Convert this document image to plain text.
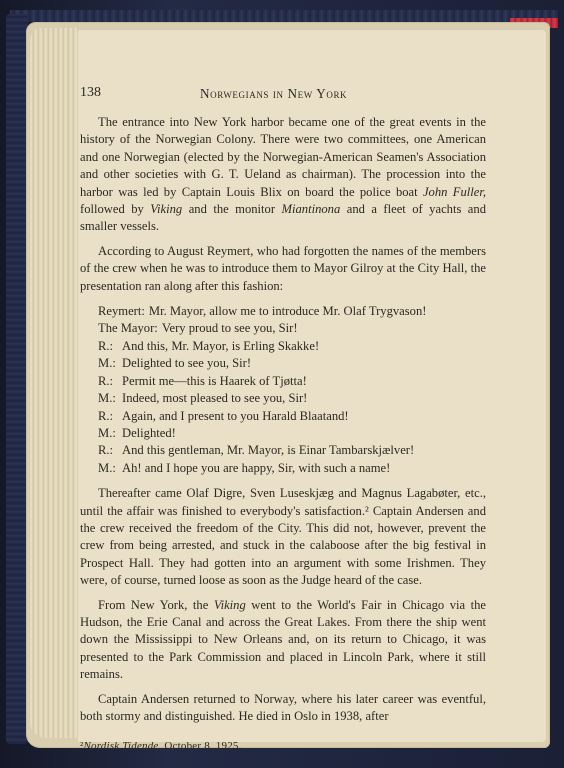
138	Norwegians in New York

The entrance into New York harbor became one of the great events in the history of the Norwegian Colony. There were two committees, one American and one Norwegian (elected by the Norwegian-American Seamen's Association and other societies with G. T. Ueland as chairman). The procession into the harbor was led by Captain Louis Blix on board the police boat John Fuller, followed by Viking and the monitor Miantinona and a fleet of yachts and smaller vessels.

According to August Reymert, who had forgotten the names of the members of the crew when he was to introduce them to Mayor Gilroy at the City Hall, the presentation ran along after this fashion:

Reymert: Mr. Mayor, allow me to introduce Mr. Olaf Trygvason!
The Mayor: Very proud to see you, Sir!
R.: And this, Mr. Mayor, is Erling Skakke!
M.: Delighted to see you, Sir!
R.: Permit me—this is Haarek of Tjøtta!
M.: Indeed, most pleased to see you, Sir!
R.: Again, and I present to you Harald Blaatand!
M.: Delighted!
R.: And this gentleman, Mr. Mayor, is Einar Tambarskjælver!
M.: Ah! and I hope you are happy, Sir, with such a name!

Thereafter came Olaf Digre, Sven Luseskjæg and Magnus Lagabøter, etc., until the affair was finished to everybody's satisfaction.² Captain Andersen and the crew received the freedom of the City. This did not, however, prevent the crew from being arrested, and stuck in the calaboose after the big festival in Prospect Hall. They had gotten into an argument with some Irishmen. They were, of course, turned loose as soon as the Judge heard of the case.

From New York, the Viking went to the World's Fair in Chicago via the Hudson, the Erie Canal and across the Great Lakes. From there the ship went down the Mississippi to New Orleans and, on its return to Chicago, it was presented to the Park Commission and placed in Lincoln Park, where it still remains.

Captain Andersen returned to Norway, where his later career was eventful, both stormy and distinguished. He died in Oslo in 1938, after

²Nordisk Tidende, October 8, 1925.
